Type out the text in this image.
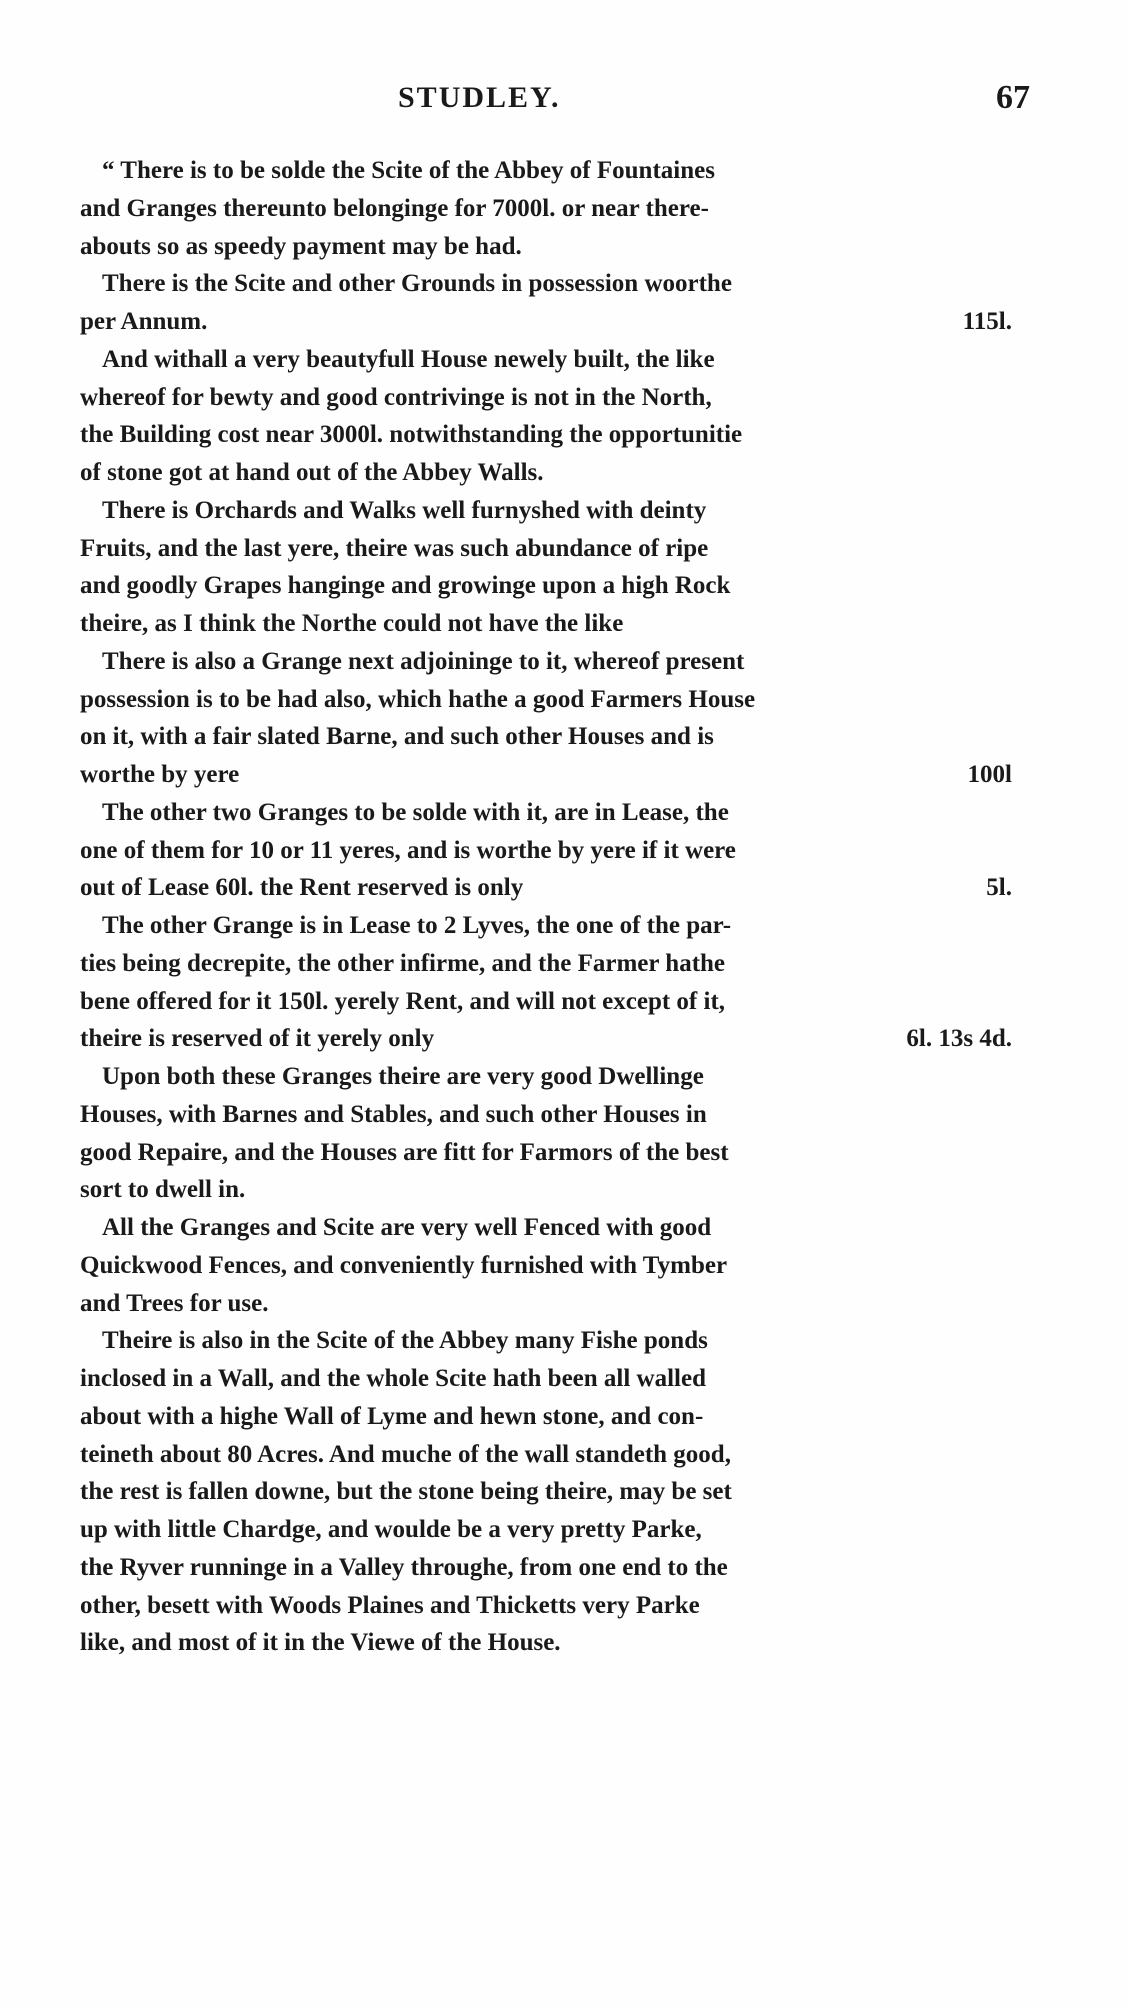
STUDLEY.	67
“ There is to be solde the Scite of the Abbey of Fountaines
and Granges thereunto belonginge for 7000l. or near there-
abouts so as speedy payment may be had.
There is the Scite and other Grounds in possession woorthe
per Annum.	115l.
And withall a very beautyfull House newely built, the like
whereof for bewty and good contrivinge is not in the North,
the Building cost near 3000l. notwithstanding the opportunitie
of stone got at hand out of the Abbey Walls.
There is Orchards and Walks well furnyshed with deinty
Fruits, and the last yere, theire was such abundance of ripe
and goodly Grapes hanginge and growinge upon a high Rock
theire, as I think the Northe could not have the like
There is also a Grange next adjoininge to it, whereof present
possession is to be had also, which hathe a good Farmers House
on it, with a fair slated Barne, and such other Houses and is
worthe by yere	100l
The other two Granges to be solde with it, are in Lease, the
one of them for 10 or 11 yeres, and is worthe by yere if it were
out of Lease 60l. the Rent reserved is only	5l.
The other Grange is in Lease to 2 Lyves, the one of the par-
ties being decrepite, the other infirme, and the Farmer hathe
bene offered for it 150l. yerely Rent, and will not except of it,
theire is reserved of it yerely only	6l. 13s 4d.
Upon both these Granges theire are very good Dwellinge
Houses, with Barnes and Stables, and such other Houses in
good Repaire, and the Houses are fitt for Farmors of the best
sort to dwell in.
All the Granges and Scite are very well Fenced with good
Quickwood Fences, and conveniently furnished with Tymber
and Trees for use.
Theire is also in the Scite of the Abbey many Fishe ponds
inclosed in a Wall, and the whole Scite hath been all walled
about with a highe Wall of Lyme and hewn stone, and con-
teineth about 80 Acres. And muche of the wall standeth good,
the rest is fallen downe, but the stone being theire, may be set
up with little Chardge, and woulde be a very pretty Parke,
the Ryver runninge in a Valley throughe, from one end to the
other, besett with Woods Plaines and Thicketts very Parke
like, and most of it in the Viewe of the House.
